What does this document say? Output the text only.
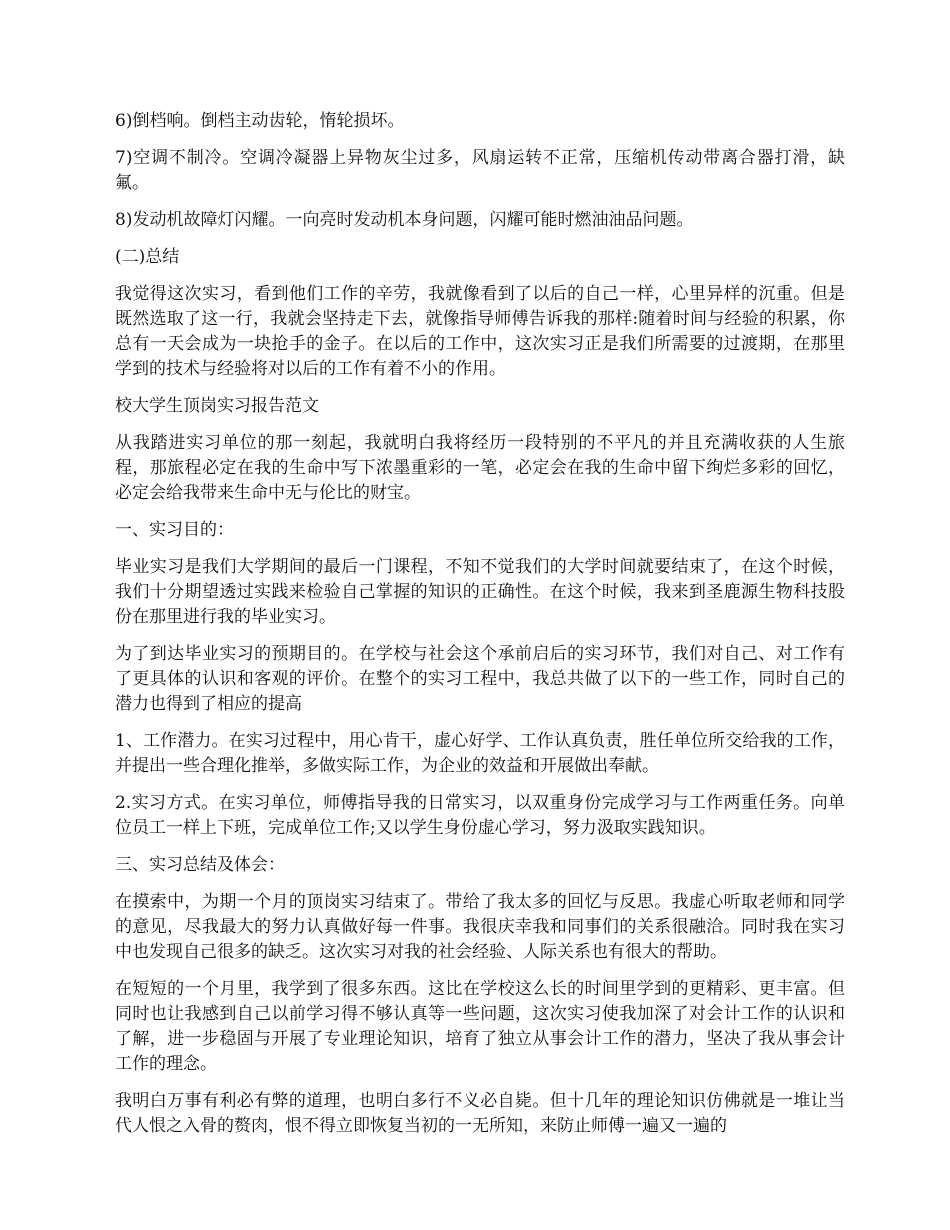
6)倒档响。倒档主动齿轮，惰轮损坏。

7)空调不制冷。空调冷凝器上异物灰尘过多，风扇运转不正常，压缩机传动带离合器打滑，缺氟。

8)发动机故障灯闪耀。一向亮时发动机本身问题，闪耀可能时燃油油品问题。

(二)总结

我觉得这次实习，看到他们工作的辛劳，我就像看到了以后的自己一样，心里异样的沉重。但是既然选取了这一行，我就会坚持走下去，就像指导师傅告诉我的那样:随着时间与经验的积累，你总有一天会成为一块抢手的金子。在以后的工作中，这次实习正是我们所需要的过渡期，在那里学到的技术与经验将对以后的工作有着不小的作用。

校大学生顶岗实习报告范文

从我踏进实习单位的那一刻起，我就明白我将经历一段特别的不平凡的并且充满收获的人生旅程，那旅程必定在我的生命中写下浓墨重彩的一笔，必定会在我的生命中留下绚烂多彩的回忆，必定会给我带来生命中无与伦比的财宝。

一、实习目的：

毕业实习是我们大学期间的最后一门课程，不知不觉我们的大学时间就要结束了，在这个时候，我们十分期望透过实践来检验自己掌握的知识的正确性。在这个时候，我来到圣鹿源生物科技股份在那里进行我的毕业实习。

为了到达毕业实习的预期目的。在学校与社会这个承前启后的实习环节，我们对自己、对工作有了更具体的认识和客观的评价。在整个的实习工程中，我总共做了以下的一些工作，同时自己的潜力也得到了相应的提高

1、工作潜力。在实习过程中，用心肯干，虚心好学、工作认真负责，胜任单位所交给我的工作，并提出一些合理化推举，多做实际工作，为企业的效益和开展做出奉献。

2.实习方式。在实习单位，师傅指导我的日常实习，以双重身份完成学习与工作两重任务。向单位员工一样上下班，完成单位工作;又以学生身份虚心学习，努力汲取实践知识。

三、实习总结及体会：

在摸索中，为期一个月的顶岗实习结束了。带给了我太多的回忆与反思。我虚心听取老师和同学的意见，尽我最大的努力认真做好每一件事。我很庆幸我和同事们的关系很融洽。同时我在实习中也发现自己很多的缺乏。这次实习对我的社会经验、人际关系也有很大的帮助。

在短短的一个月里，我学到了很多东西。这比在学校这么长的时间里学到的更精彩、更丰富。但同时也让我感到自己以前学习得不够认真等一些问题，这次实习使我加深了对会计工作的认识和了解，进一步稳固与开展了专业理论知识，培育了独立从事会计工作的潜力，坚决了我从事会计工作的理念。

我明白万事有利必有弊的道理，也明白多行不义必自毙。但十几年的理论知识仿佛就是一堆让当代人恨之入骨的赘肉，恨不得立即恢复当初的一无所知，来防止师傅一遍又一遍的
